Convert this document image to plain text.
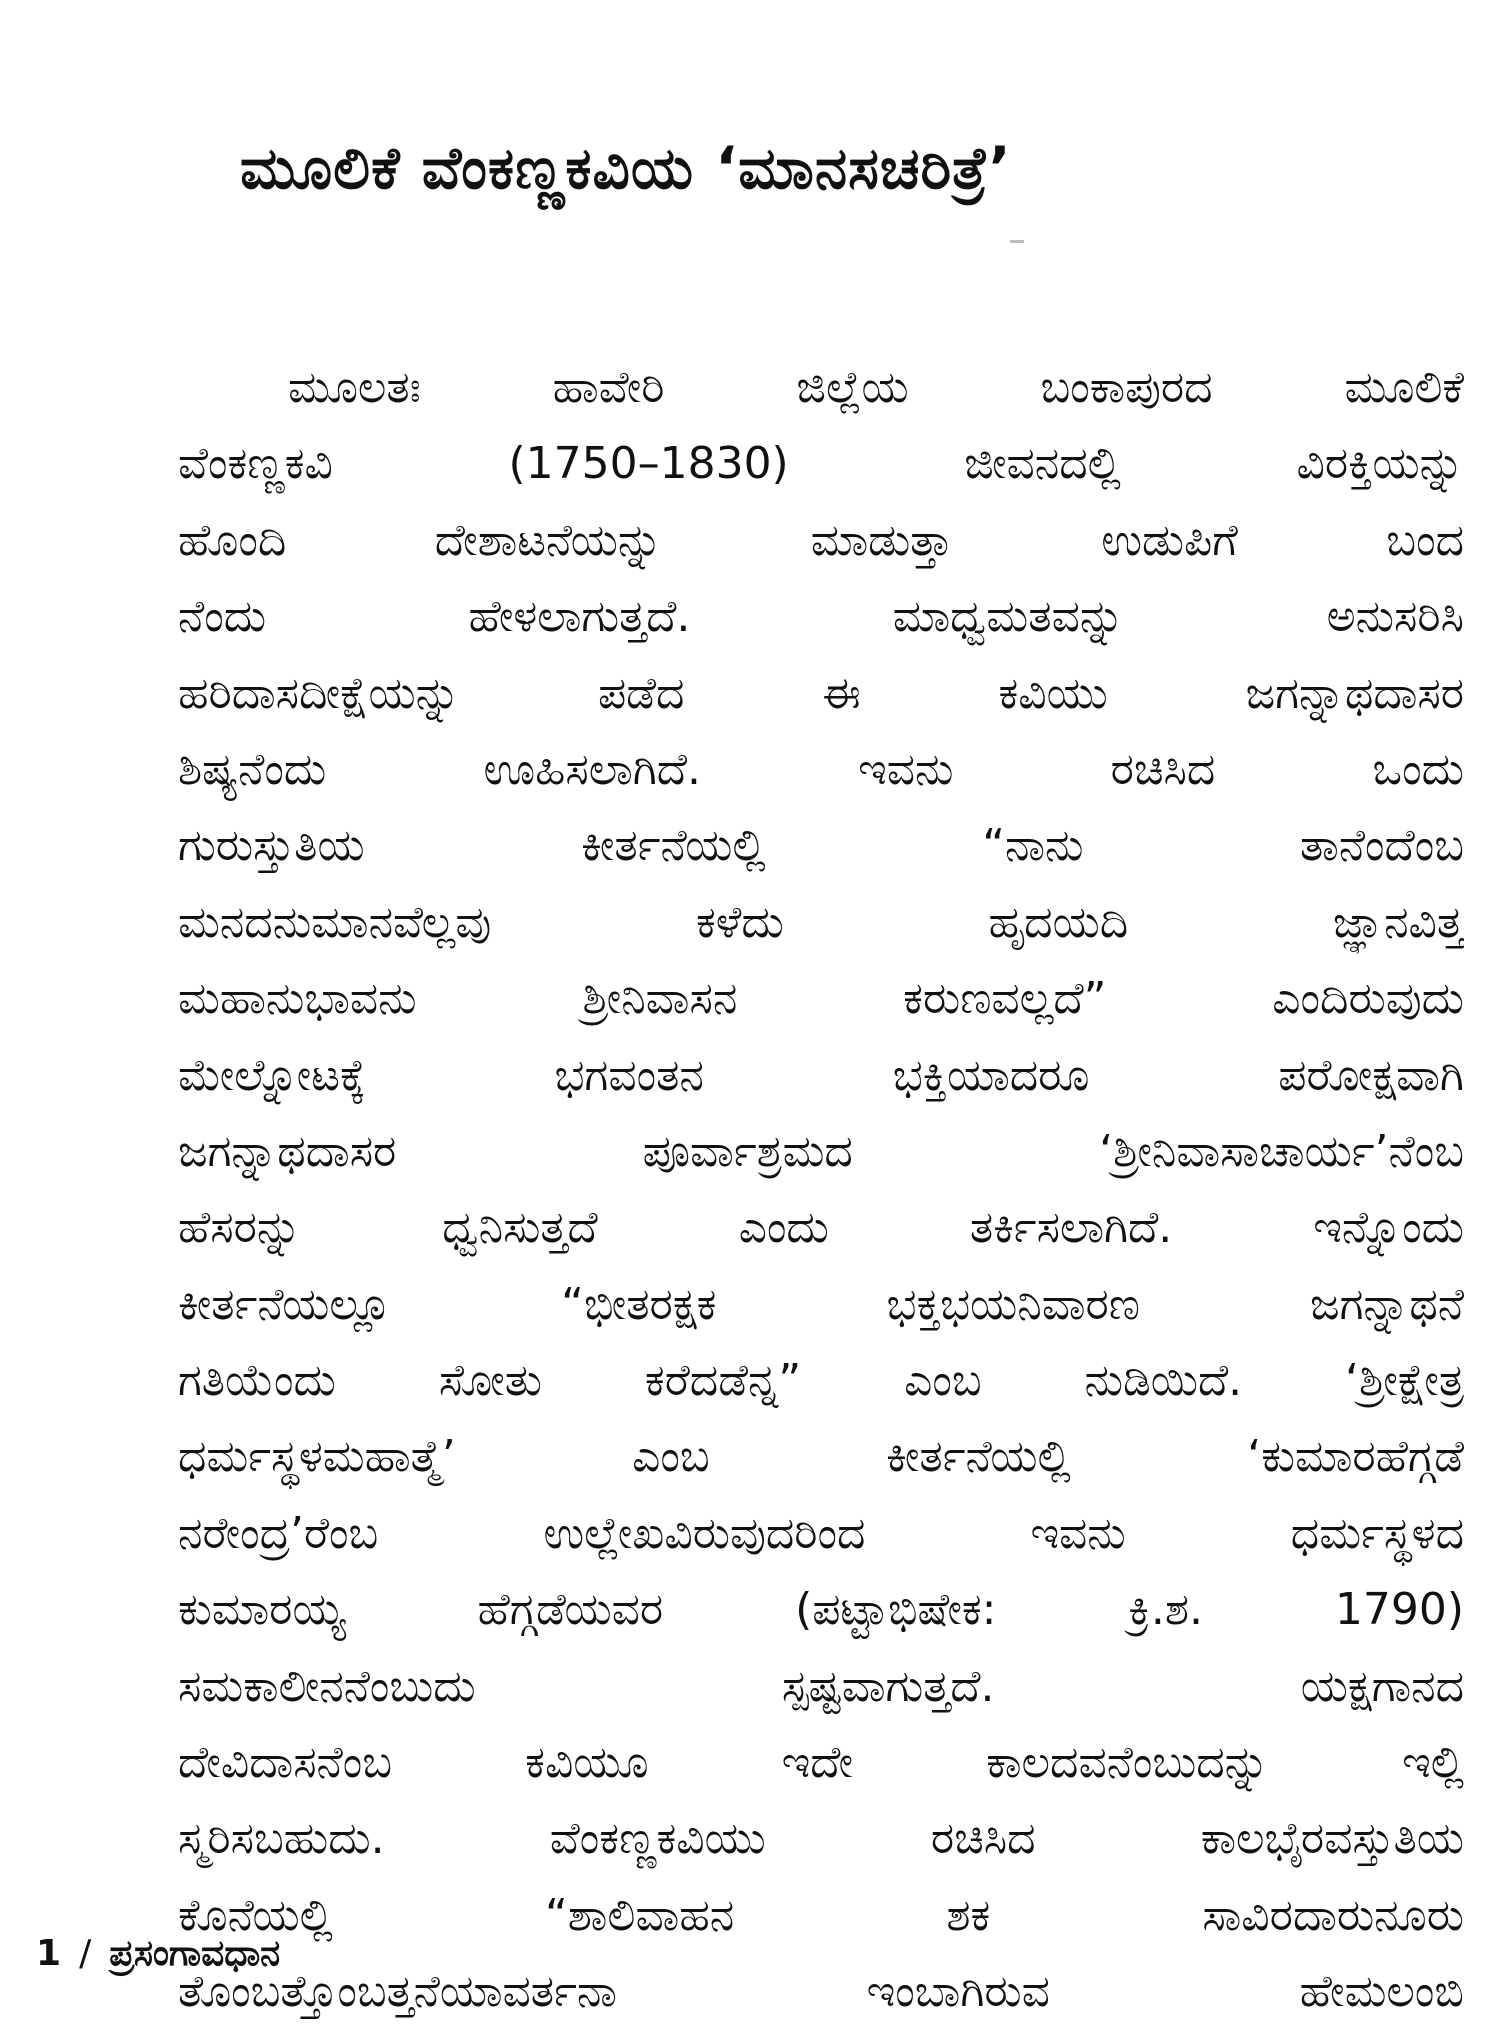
ಮೂಲಿಕೆ ವೆಂಕಣ್ಣಕವಿಯ ‘ಮಾನಸಚರಿತ್ರೆ’
ಮೂಲತಃ ಹಾವೇರಿ ಜಿಲ್ಲೆಯ ಬಂಕಾಪುರದ ಮೂಲಿಕೆ
ವೆಂಕಣ್ಣಕವಿ (1750–1830) ಜೀವನದಲ್ಲಿ ವಿರಕ್ತಿಯನ್ನು
ಹೊಂದಿ ದೇಶಾಟನೆಯನ್ನು ಮಾಡುತ್ತಾ ಉಡುಪಿಗೆ ಬಂದ
ನೆಂದು ಹೇಳಲಾಗುತ್ತದೆ. ಮಾಧ್ವಮತವನ್ನು ಅನುಸರಿಸಿ
ಹರಿದಾಸದೀಕ್ಷೆಯನ್ನು ಪಡೆದ ಈ ಕವಿಯು ಜಗನ್ನಾಥದಾಸರ
ಶಿಷ್ಯನೆಂದು ಊಹಿಸಲಾಗಿದೆ. ಇವನು ರಚಿಸಿದ ಒಂದು
ಗುರುಸ್ತುತಿಯ ಕೀರ್ತನೆಯಲ್ಲಿ “ನಾನು ತಾನೆಂದೆಂಬ
ಮನದನುಮಾನವೆಲ್ಲವು ಕಳೆದು ಹೃದಯದಿ ಜ್ಞಾನವಿತ್ತ
ಮಹಾನುಭಾವನು ಶ್ರೀನಿವಾಸನ ಕರುಣವಲ್ಲದೆ” ಎಂದಿರುವುದು
ಮೇಲ್ನೋಟಕ್ಕೆ ಭಗವಂತನ ಭಕ್ತಿಯಾದರೂ ಪರೋಕ್ಷವಾಗಿ
ಜಗನ್ನಾಥದಾಸರ ಪೂರ್ವಾಶ್ರಮದ ‘ಶ್ರೀನಿವಾಸಾಚಾರ್ಯ’ನೆಂಬ
ಹೆಸರನ್ನು ಧ್ವನಿಸುತ್ತದೆ ಎಂದು ತರ್ಕಿಸಲಾಗಿದೆ. ಇನ್ನೊಂದು
ಕೀರ್ತನೆಯಲ್ಲೂ “ಭೀತರಕ್ಷಕ ಭಕ್ತಭಯನಿವಾರಣ ಜಗನ್ನಾಥನೆ
ಗತಿಯೆಂದು ಸೋತು ಕರೆದಡೆನ್ನ” ಎಂಬ ನುಡಿಯಿದೆ. ‘ಶ್ರೀಕ್ಷೇತ್ರ
ಧರ್ಮಸ್ಥಳಮಹಾತ್ಮೆ’ ಎಂಬ ಕೀರ್ತನೆಯಲ್ಲಿ ‘ಕುಮಾರಹೆಗ್ಗಡೆ
ನರೇಂದ್ರ’ರೆಂಬ ಉಲ್ಲೇಖವಿರುವುದರಿಂದ ಇವನು ಧರ್ಮಸ್ಥಳದ
ಕುಮಾರಯ್ಯ ಹೆಗ್ಗಡೆಯವರ (ಪಟ್ಟಾಭಿಷೇಕ: ಕ್ರಿ.ಶ. 1790)
ಸಮಕಾಲೀನನೆಂಬುದು ಸ್ಪಷ್ಟವಾಗುತ್ತದೆ. ಯಕ್ಷಗಾನದ
ದೇವಿದಾಸನೆಂಬ ಕವಿಯೂ ಇದೇ ಕಾಲದವನೆಂಬುದನ್ನು ಇಲ್ಲಿ
ಸ್ಮರಿಸಬಹುದು. ವೆಂಕಣ್ಣಕವಿಯು ರಚಿಸಿದ ಕಾಲಭೈರವಸ್ತುತಿಯ
ಕೊನೆಯಲ್ಲಿ “ಶಾಲಿವಾಹನ ಶಕ ಸಾವಿರದಾರುನೂರು
ತೊಂಬತ್ತೊಂಬತ್ತನೆಯಾವರ್ತನಾ ಇಂಬಾಗಿರುವ ಹೇಮಲಂಬಿ
1 / ಪ್ರಸಂಗಾವಧಾನ
